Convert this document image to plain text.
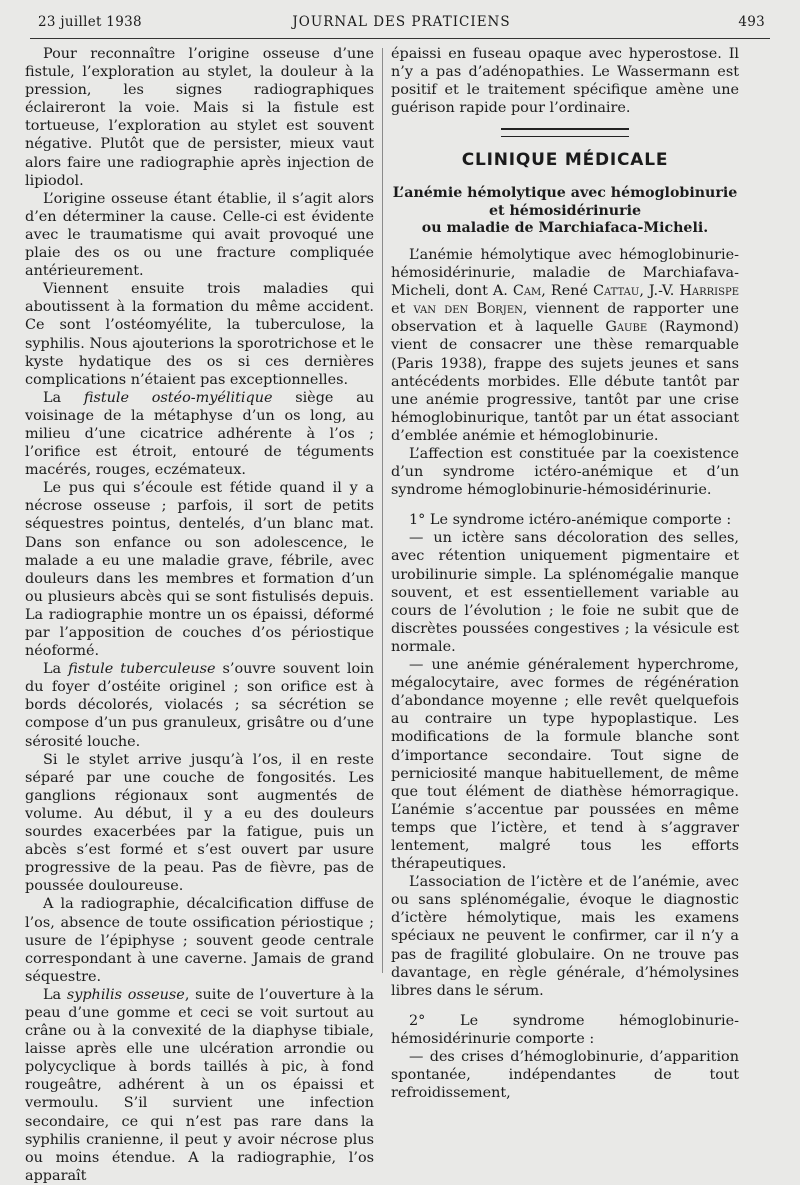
23 juillet 1938	JOURNAL DES PRATICIENS	493

Pour reconnaître l’origine osseuse d’une fistule, l’exploration au stylet, la douleur à la pression, les signes radiographiques éclaireront la voie. Mais si la fistule est tortueuse, l’exploration au stylet est souvent négative. Plutôt que de persister, mieux vaut alors faire une radiographie après injection de lipiodol.

L’origine osseuse étant établie, il s’agit alors d’en déterminer la cause. Celle-ci est évidente avec le traumatisme qui avait provoqué une plaie des os ou une fracture compliquée antérieurement.

Viennent ensuite trois maladies qui aboutissent à la formation du même accident. Ce sont l’ostéomyélite, la tuberculose, la syphilis. Nous ajouterions la sporotrichose et le kyste hydatique des os si ces dernières complications n’étaient pas exceptionnelles.

La fistule ostéo-myélitique siège au voisinage de la métaphyse d’un os long, au milieu d’une cicatrice adhérente à l’os ; l’orifice est étroit, entouré de téguments macérés, rouges, eczémateux.

Le pus qui s’écoule est fétide quand il y a nécrose osseuse ; parfois, il sort de petits séquestres pointus, dentelés, d’un blanc mat. Dans son enfance ou son adolescence, le malade a eu une maladie grave, fébrile, avec douleurs dans les membres et formation d’un ou plusieurs abcès qui se sont fistulisés depuis. La radiographie montre un os épaissi, déformé par l’apposition de couches d’os périostique néoformé.

La fistule tuberculeuse s’ouvre souvent loin du foyer d’ostéite originel ; son orifice est à bords décolorés, violacés ; sa sécrétion se compose d’un pus granuleux, grisâtre ou d’une sérosité louche.

Si le stylet arrive jusqu’à l’os, il en reste séparé par une couche de fongosités. Les ganglions régionaux sont augmentés de volume. Au début, il y a eu des douleurs sourdes exacerbées par la fatigue, puis un abcès s’est formé et s’est ouvert par usure progressive de la peau. Pas de fièvre, pas de poussée douloureuse.

A la radiographie, décalcification diffuse de l’os, absence de toute ossification périostique ; usure de l’épiphyse ; souvent geode centrale correspondant à une caverne. Jamais de grand séquestre.

La syphilis osseuse, suite de l’ouverture à la peau d’une gomme et ceci se voit surtout au crâne ou à la convexité de la diaphyse tibiale, laisse après elle une ulcération arrondie ou polycyclique à bords taillés à pic, à fond rougeâtre, adhérent à un os épaissi et vermoulu. S’il survient une infection secondaire, ce qui n’est pas rare dans la syphilis cranienne, il peut y avoir nécrose plus ou moins étendue. A la radiographie, l’os apparaît

épaissi en fuseau opaque avec hyperostose. Il n’y a pas d’adénopathies. Le Wassermann est positif et le traitement spécifique amène une guérison rapide pour l’ordinaire.

CLINIQUE MÉDICALE
L’anémie hémolytique avec hémoglobinurie
et hémosidérinurie
ou maladie de Marchiafaca-Micheli.

L’anémie hémolytique avec hémoglobinurie-hémosidérinurie, maladie de Marchiafava-Micheli, dont A. Cam, René Cattau, J.-V. Harrispe et van den Borjen, viennent de rapporter une observation et à laquelle Gaube (Raymond) vient de consacrer une thèse remarquable (Paris 1938), frappe des sujets jeunes et sans antécédents morbides. Elle débute tantôt par une anémie progressive, tantôt par une crise hémoglobinurique, tantôt par un état associant d’emblée anémie et hémoglobinurie.

L’affection est constituée par la coexistence d’un syndrome ictéro-anémique et d’un syndrome hémoglobinurie-hémosidérinurie.

1° Le syndrome ictéro-anémique comporte :

— un ictère sans décoloration des selles, avec rétention uniquement pigmentaire et urobilinurie simple. La splénomégalie manque souvent, et est essentiellement variable au cours de l’évolution ; le foie ne subit que de discrètes poussées congestives ; la vésicule est normale.

— une anémie généralement hyperchrome, mégalocytaire, avec formes de régénération d’abondance moyenne ; elle revêt quelquefois au contraire un type hypoplastique. Les modifications de la formule blanche sont d’importance secondaire. Tout signe de perniciosité manque habituellement, de même que tout élément de diathèse hémorragique. L’anémie s’accentue par poussées en même temps que l’ictère, et tend à s’aggraver lentement, malgré tous les efforts thérapeutiques.

L’association de l’ictère et de l’anémie, avec ou sans splénomégalie, évoque le diagnostic d’ictère hémolytique, mais les examens spéciaux ne peuvent le confirmer, car il n’y a pas de fragilité globulaire. On ne trouve pas davantage, en règle générale, d’hémolysines libres dans le sérum.

2° Le syndrome hémoglobinurie-hémosidérinurie comporte :

— des crises d’hémoglobinurie, d’apparition spontanée, indépendantes de tout refroidissement,
